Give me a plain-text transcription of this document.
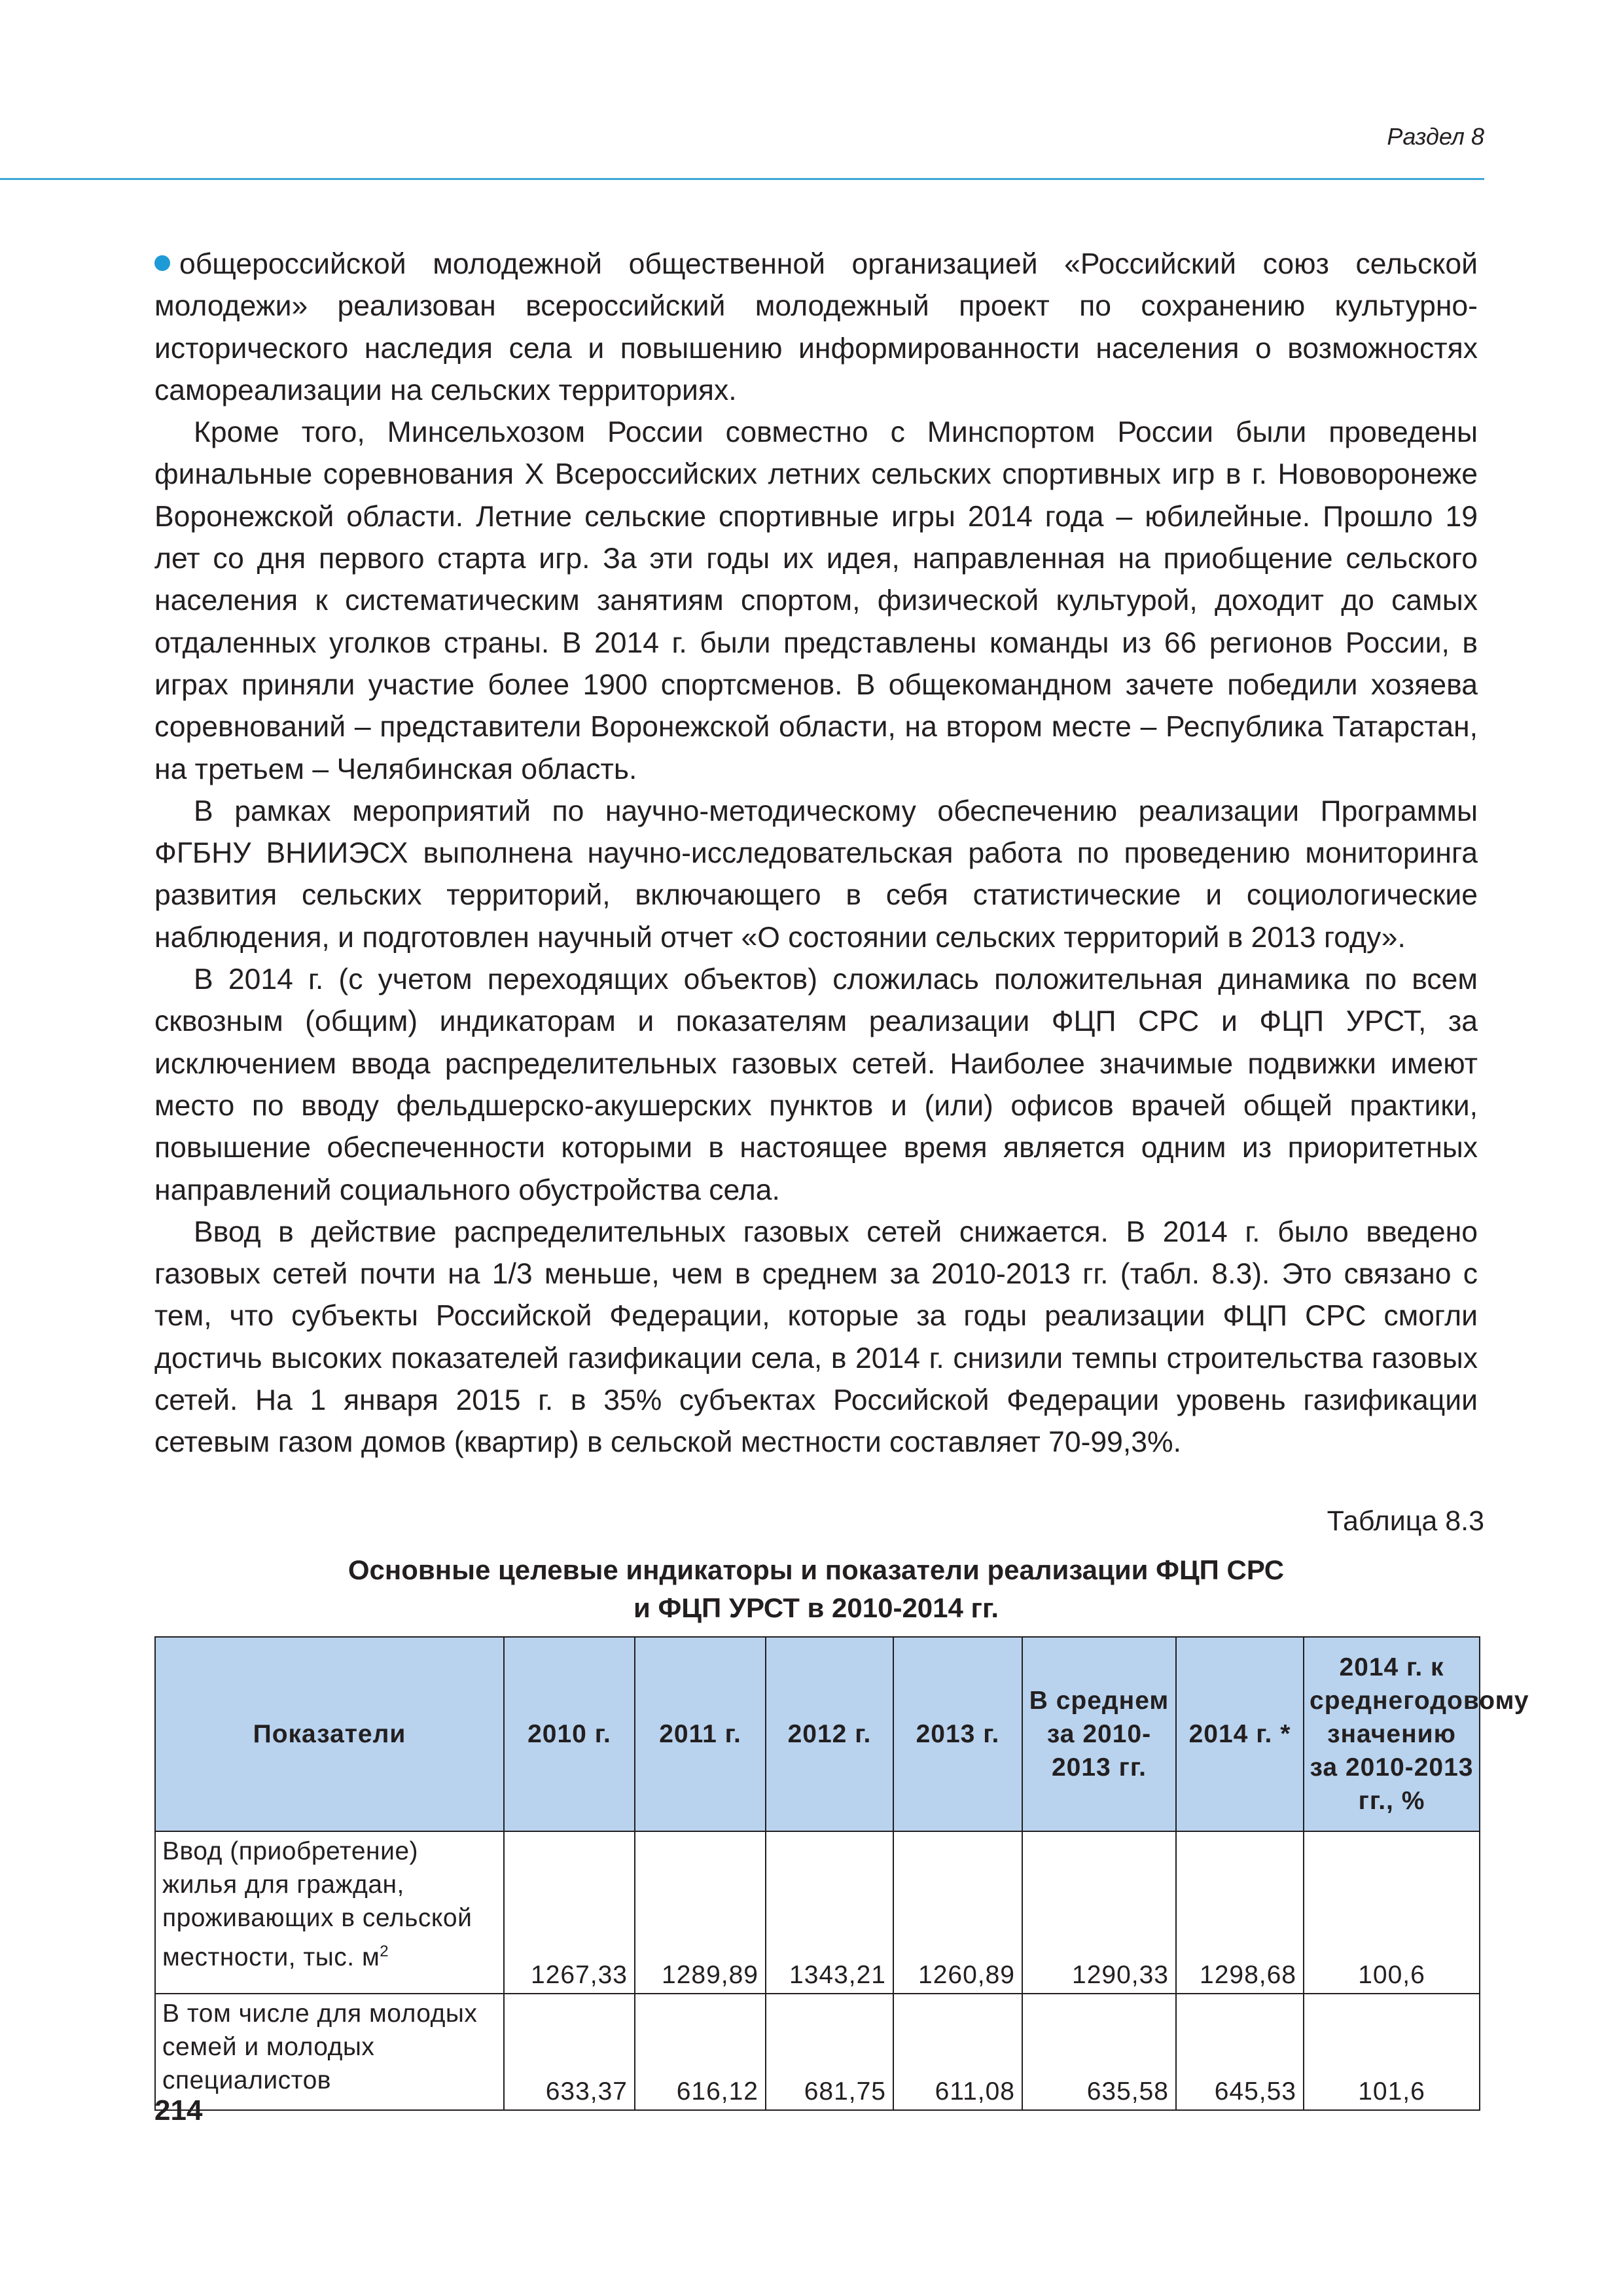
Раздел 8

общероссийской молодежной общественной организацией «Российский союз сельской молодежи» реализован всероссийский молодежный проект по сохранению культурно-исторического наследия села и повышению информированности населения о возможностях самореализации на сельских территориях.

Кроме того, Минсельхозом России совместно с Минспортом России были проведены финальные соревнования X Всероссийских летних сельских спортивных игр в г. Нововоронеже Воронежской области. Летние сельские спортивные игры 2014 года – юбилейные. Прошло 19 лет со дня первого старта игр. За эти годы их идея, направленная на приобщение сельского населения к систематическим занятиям спортом, физической культурой, доходит до самых отдаленных уголков страны. В 2014 г. были представлены команды из 66 регионов России, в играх приняли участие более 1900 спортсменов. В общекомандном зачете победили хозяева соревнований – представители Воронежской области, на втором месте – Республика Татарстан, на третьем – Челябинская область.

В рамках мероприятий по научно-методическому обеспечению реализации Программы ФГБНУ ВНИИЭСХ выполнена научно-исследовательская работа по проведению мониторинга развития сельских территорий, включающего в себя статистические и социологические наблюдения, и подготовлен научный отчет «О состоянии сельских территорий в 2013 году».

В 2014 г. (с учетом переходящих объектов) сложилась положительная динамика по всем сквозным (общим) индикаторам и показателям реализации ФЦП СРС и ФЦП УРСТ, за исключением ввода распределительных газовых сетей. Наиболее значимые подвижки имеют место по вводу фельдшерско-акушерских пунктов и (или) офисов врачей общей практики, повышение обеспеченности которыми в настоящее время является одним из приоритетных направлений социального обустройства села.

Ввод в действие распределительных газовых сетей снижается. В 2014 г. было введено газовых сетей почти на 1/3 меньше, чем в среднем за 2010-2013 гг. (табл. 8.3). Это связано с тем, что субъекты Российской Федерации, которые за годы реализации ФЦП СРС смогли достичь высоких показателей газификации села, в 2014 г. снизили темпы строительства газовых сетей. На 1 января 2015 г. в 35% субъектах Российской Федерации уровень газификации сетевым газом домов (квартир) в сельской местности составляет 70-99,3%.

Таблица 8.3
Основные целевые индикаторы и показатели реализации ФЦП СРС
и ФЦП УРСТ в 2010-2014 гг.
Показатели	2010 г.	2011 г.	2012 г.	2013 г.	В среднем за 2010-2013 гг.	2014 г. *	2014 г. к среднегодовому значению за 2010-2013 гг., %
Ввод (приобретение) жилья для граждан, проживающих в сельской местности, тыс. $м^2$	1267,33	1289,89	1343,21	1260,89	1290,33	1298,68	100,6
В том числе для молодых семей и молодых специалистов	633,37	616,12	681,75	611,08	635,58	645,53	101,6
214
